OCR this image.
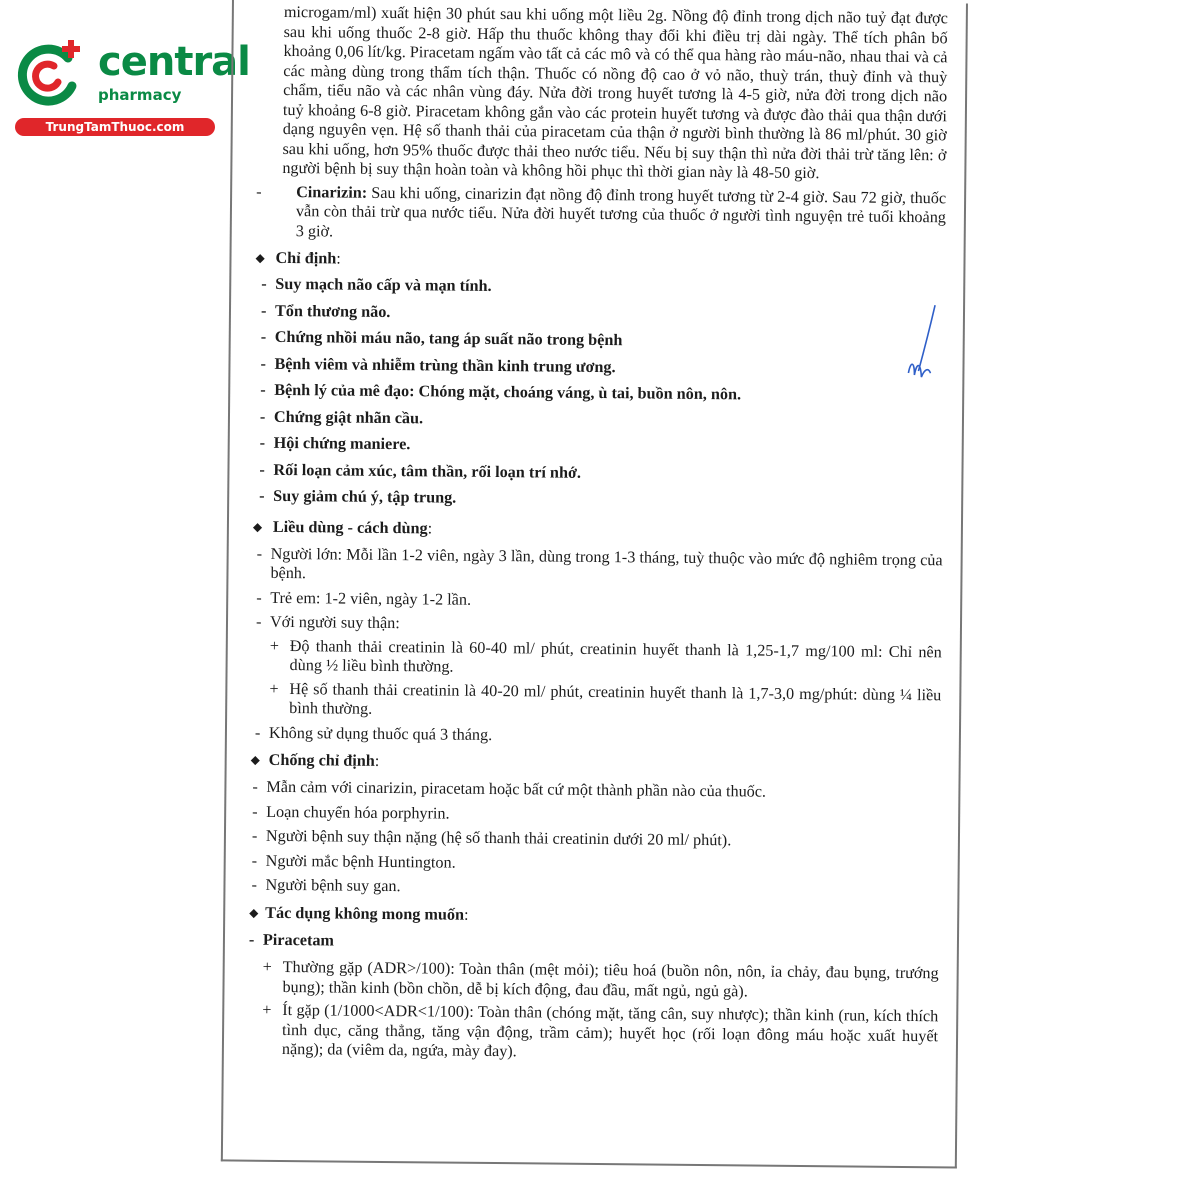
central
pharmacy
TrungTamThuoc.com

microgam/ml) xuất hiện 30 phút sau khi uống một liều 2g. Nồng độ đỉnh trong dịch não tuỷ đạt được sau khi uống thuốc 2-8 giờ. Hấp thu thuốc không thay đổi khi điều trị dài ngày. Thể tích phân bố khoảng 0,06 lít/kg. Piracetam ngấm vào tất cả các mô và có thể qua hàng rào máu-não, nhau thai và cả các màng dùng trong thẩm tích thận. Thuốc có nồng độ cao ở vỏ não, thuỳ trán, thuỳ đỉnh và thuỳ chẩm, tiểu não và các nhân vùng đáy. Nửa đời trong huyết tương là 4-5 giờ, nửa đời trong dịch não tuỷ khoảng 6-8 giờ. Piracetam không gắn vào các protein huyết tương và được đào thải qua thận dưới dạng nguyên vẹn. Hệ số thanh thải của piracetam của thận ở người bình thường là 86 ml/phút. 30 giờ sau khi uống, hơn 95% thuốc được thải theo nước tiểu. Nếu bị suy thận thì nửa đời thải trừ tăng lên: ở người bệnh bị suy thận hoàn toàn và không hồi phục thì thời gian này là 48-50 giờ.

-	Cinarizin: Sau khi uống, cinarizin đạt nồng độ đỉnh trong huyết tương từ 2-4 giờ. Sau 72 giờ, thuốc vẫn còn thải trừ qua nước tiểu. Nửa đời huyết tương của thuốc ở người tình nguyện trẻ tuổi khoảng 3 giờ.

◆ Chỉ định:
- Suy mạch não cấp và mạn tính.
- Tổn thương não.
- Chứng nhồi máu não, tang áp suất não trong bệnh
- Bệnh viêm và nhiễm trùng thần kinh trung ương.
- Bệnh lý của mê đạo: Chóng mặt, choáng váng, ù tai, buồn nôn, nôn.
- Chứng giật nhãn cầu.
- Hội chứng maniere.
- Rối loạn cảm xúc, tâm thần, rối loạn trí nhớ.
- Suy giảm chú ý, tập trung.
◆ Liều dùng - cách dùng:
- Người lớn: Mỗi lần 1-2 viên, ngày 3 lần, dùng trong 1-3 tháng, tuỳ thuộc vào mức độ nghiêm trọng của bệnh.
- Trẻ em: 1-2 viên, ngày 1-2 lần.
- Với người suy thận:
+ Độ thanh thải creatinin là 60-40 ml/ phút, creatinin huyết thanh là 1,25-1,7 mg/100 ml: Chỉ nên dùng ½ liều bình thường.
+ Hệ số thanh thải creatinin là 40-20 ml/ phút, creatinin huyết thanh là 1,7-3,0 mg/phút: dùng ¼ liều bình thường.
- Không sử dụng thuốc quá 3 tháng.
◆ Chống chỉ định:
- Mẫn cảm với cinarizin, piracetam hoặc bất cứ một thành phần nào của thuốc.
- Loạn chuyển hóa porphyrin.
- Người bệnh suy thận nặng (hệ số thanh thải creatinin dưới 20 ml/ phút).
- Người mắc bệnh Huntington.
- Người bệnh suy gan.
◆ Tác dụng không mong muốn:
- Piracetam
+ Thường gặp (ADR>/100): Toàn thân (mệt mỏi); tiêu hoá (buồn nôn, nôn, ỉa chảy, đau bụng, trướng bụng); thần kinh (bồn chồn, dễ bị kích động, đau đầu, mất ngủ, ngủ gà).
+ Ít gặp (1/1000<ADR<1/100): Toàn thân (chóng mặt, tăng cân, suy nhược); thần kinh (run, kích thích tình dục, căng thẳng, tăng vận động, trầm cảm); huyết học (rối loạn đông máu hoặc xuất huyết nặng); da (viêm da, ngứa, mày đay).
